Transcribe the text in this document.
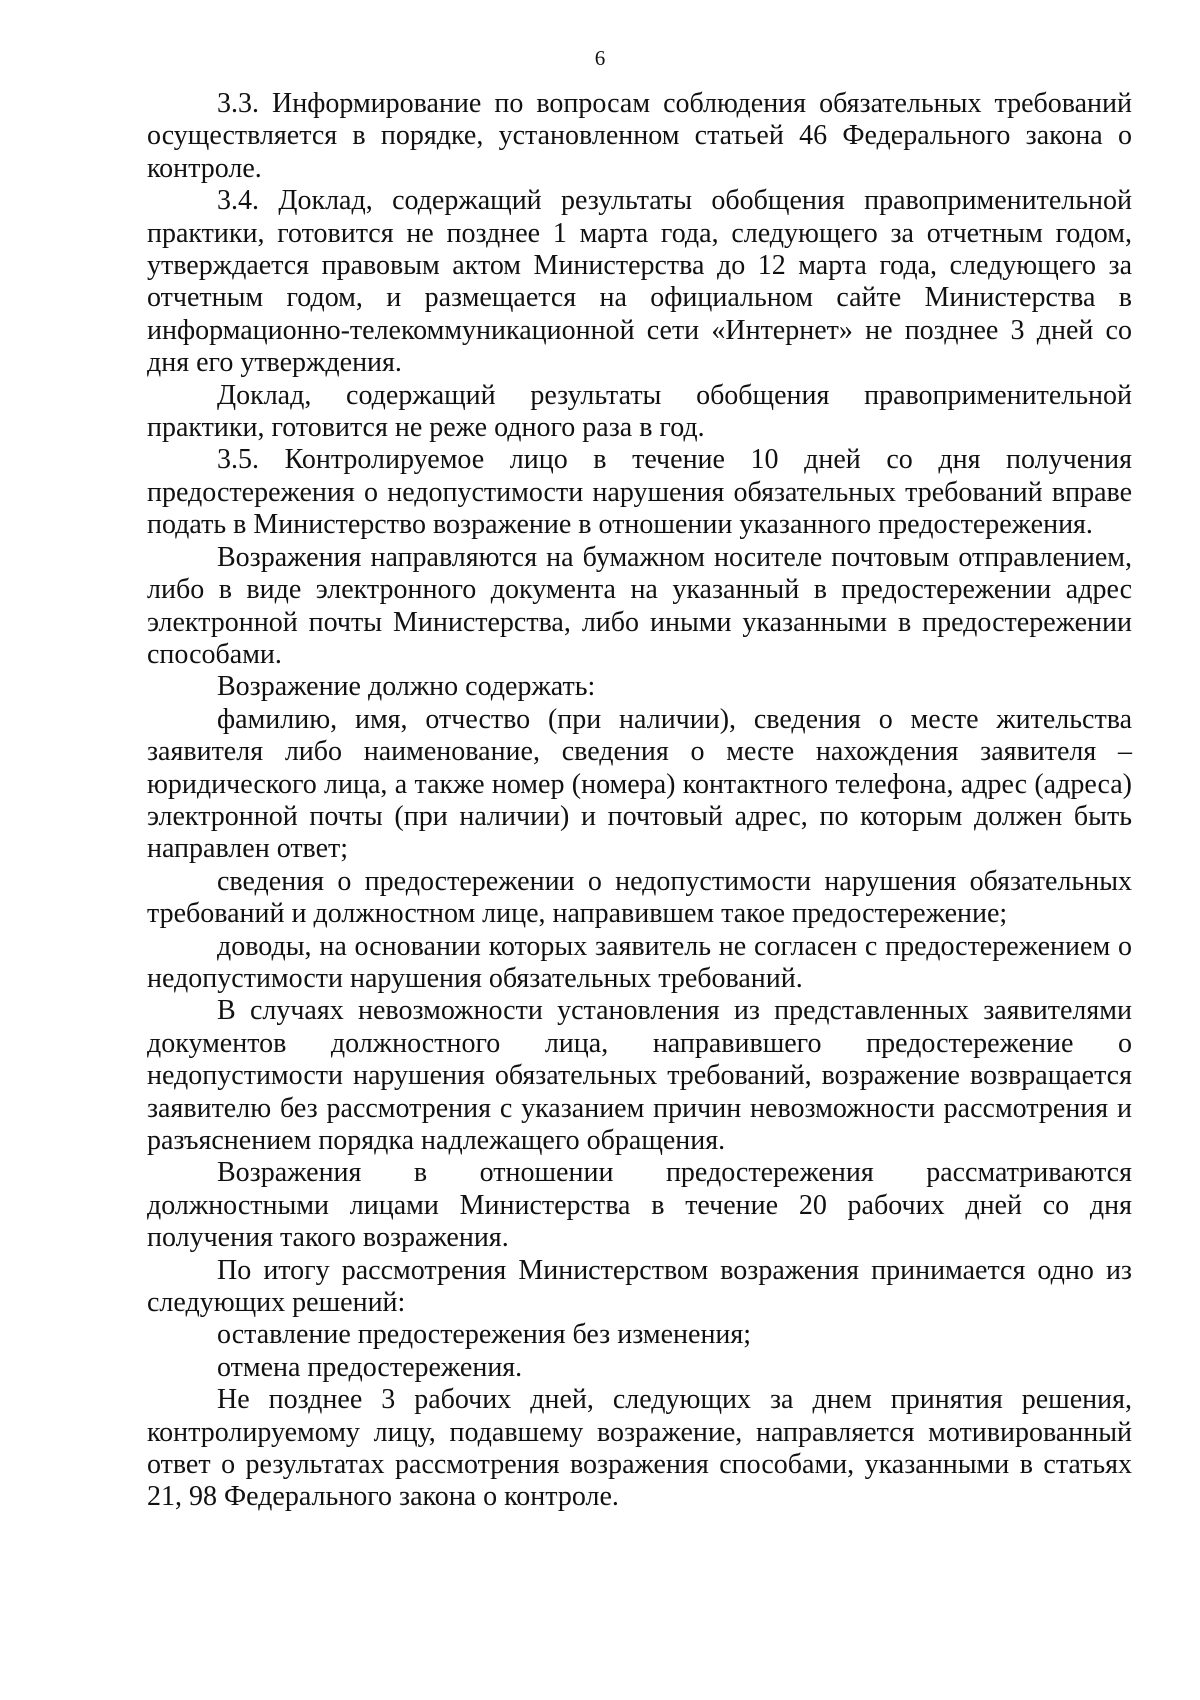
6

3.3. Информирование по вопросам соблюдения обязательных требований осуществляется в порядке, установленном статьей 46 Федерального закона о контроле.

3.4. Доклад, содержащий результаты обобщения правоприменительной практики, готовится не позднее 1 марта года, следующего за отчетным годом, утверждается правовым актом Министерства до 12 марта года, следующего за отчетным годом, и размещается на официальном сайте Министерства в информационно-телекоммуникационной сети «Интернет» не позднее 3 дней со дня его утверждения.

Доклад, содержащий результаты обобщения правоприменительной практики, готовится не реже одного раза в год.

3.5. Контролируемое лицо в течение 10 дней со дня получения предостережения о недопустимости нарушения обязательных требований вправе подать в Министерство возражение в отношении указанного предостережения.

Возражения направляются на бумажном носителе почтовым отправлением, либо в виде электронного документа на указанный в предостережении адрес электронной почты Министерства, либо иными указанными в предостережении способами.

Возражение должно содержать:

фамилию, имя, отчество (при наличии), сведения о месте жительства заявителя либо наименование, сведения о месте нахождения заявителя – юридического лица, а также номер (номера) контактного телефона, адрес (адреса) электронной почты (при наличии) и почтовый адрес, по которым должен быть направлен ответ;

сведения о предостережении о недопустимости нарушения обязательных требований и должностном лице, направившем такое предостережение;

доводы, на основании которых заявитель не согласен с предостережением о недопустимости нарушения обязательных требований.

В случаях невозможности установления из представленных заявителями документов должностного лица, направившего предостережение о недопустимости нарушения обязательных требований, возражение возвращается заявителю без рассмотрения с указанием причин невозможности рассмотрения и разъяснением порядка надлежащего обращения.

Возражения в отношении предостережения рассматриваются должностными лицами Министерства в течение 20 рабочих дней со дня получения такого возражения.

По итогу рассмотрения Министерством возражения принимается одно из следующих решений:

оставление предостережения без изменения;

отмена предостережения.

Не позднее 3 рабочих дней, следующих за днем принятия решения, контролируемому лицу, подавшему возражение, направляется мотивированный ответ о результатах рассмотрения возражения способами, указанными в статьях 21, 98 Федерального закона о контроле.
